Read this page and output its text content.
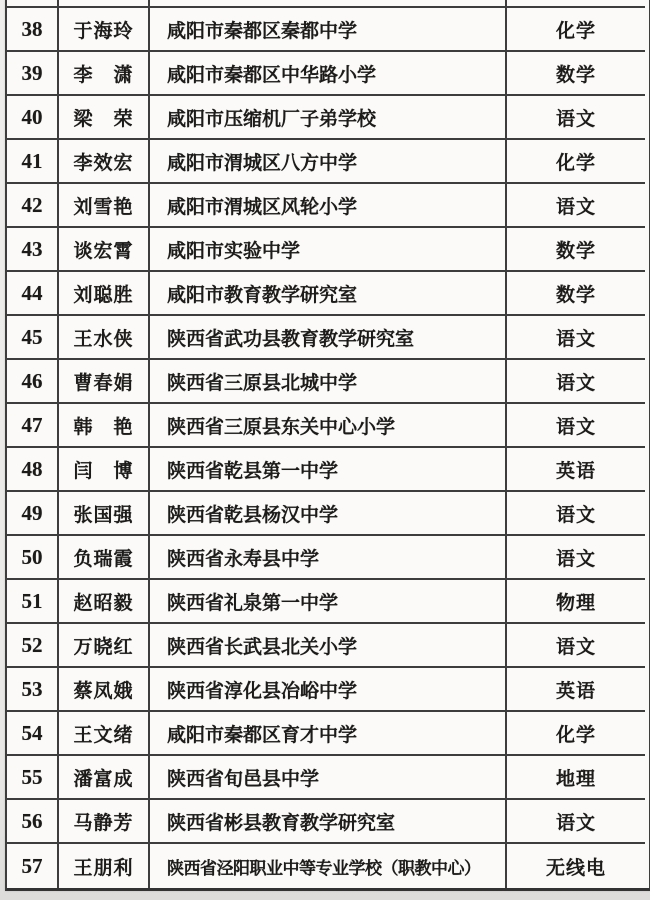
38	于海玲	咸阳市秦都区秦都中学	化学
39	李　潇	咸阳市秦都区中华路小学	数学
40	梁　荣	咸阳市压缩机厂子弟学校	语文
41	李效宏	咸阳市渭城区八方中学	化学
42	刘雪艳	咸阳市渭城区风轮小学	语文
43	谈宏霄	咸阳市实验中学	数学
44	刘聪胜	咸阳市教育教学研究室	数学
45	王水侠	陕西省武功县教育教学研究室	语文
46	曹春娟	陕西省三原县北城中学	语文
47	韩　艳	陕西省三原县东关中心小学	语文
48	闫　博	陕西省乾县第一中学	英语
49	张国强	陕西省乾县杨汉中学	语文
50	负瑞霞	陕西省永寿县中学	语文
51	赵昭毅	陕西省礼泉第一中学	物理
52	万晓红	陕西省长武县北关小学	语文
53	蔡凤娥	陕西省淳化县冶峪中学	英语
54	王文绪	咸阳市秦都区育才中学	化学
55	潘富成	陕西省旬邑县中学	地理
56	马静芳	陕西省彬县教育教学研究室	语文
57	王朋利	陕西省泾阳职业中等专业学校（职教中心）	无线电
